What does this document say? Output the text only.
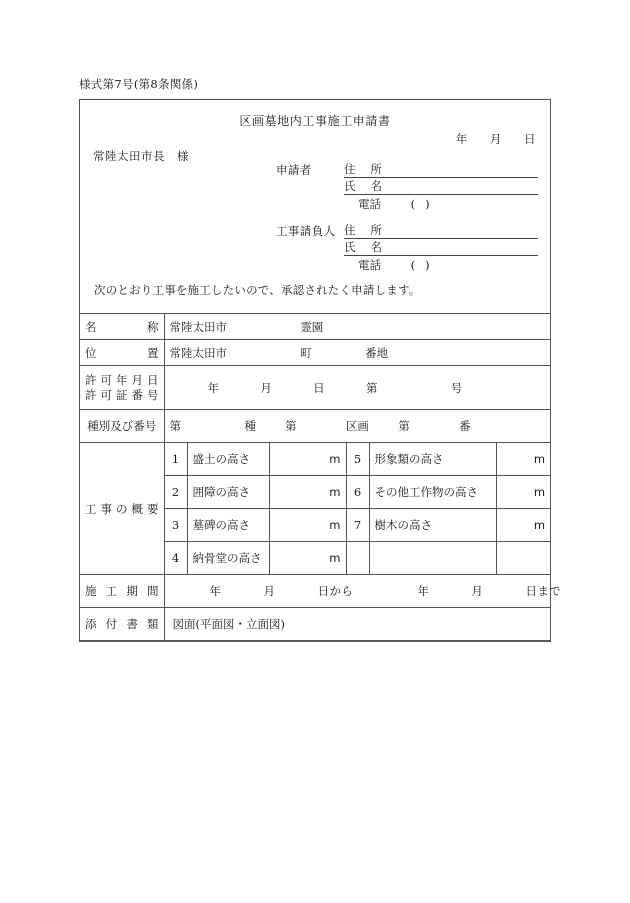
様式第7号(第8条関係)
区画墓地内工事施工申請書
年 月 日
常陸太田市長　様
申請者	住　所
氏　名
電話	()
工事請負人 住　所
氏　名
電話	()
次のとおり工事を施工したいので、承認されたく申請します。
名　称	常陸太田市 霊園					

位　置	常陸太田市 町 番地					

許可年月日
許可証番号	年 月 日 第 号					

種別及び番号	第 種 第 区画 第 番					

工事の概要	1	盛土の高さ	m	5	形象類の高さ	m
	2	囲障の高さ	m	6	その他工作物の高さ	m
	3	墓碑の高さ	m	7	樹木の高さ	m
	4	納骨堂の高さ	m			

施工期間	年 月 日から 年 月 日まで					

添付書類	図面(平面図・立面図)					
